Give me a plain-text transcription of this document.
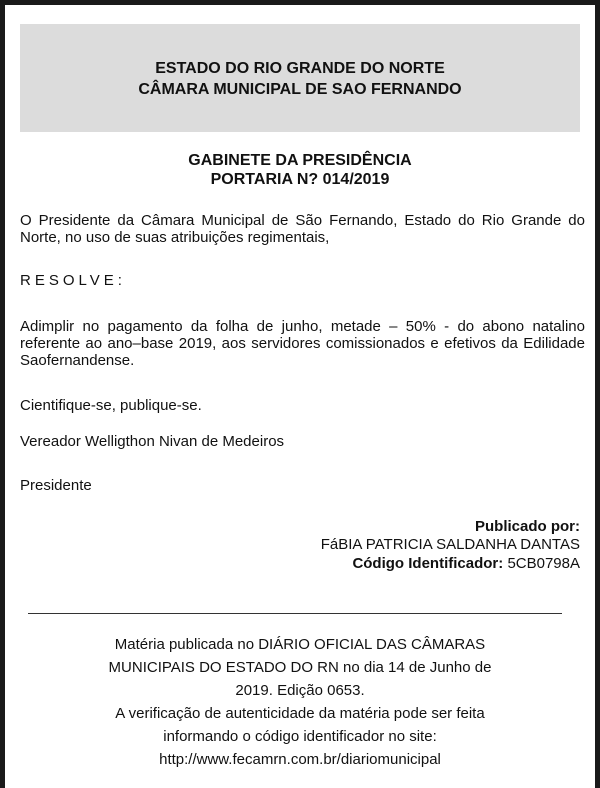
ESTADO DO RIO GRANDE DO NORTE
CÂMARA MUNICIPAL DE SAO FERNANDO
GABINETE DA PRESIDÊNCIA
PORTARIA N? 014/2019
O Presidente da Câmara Municipal de São Fernando, Estado do Rio Grande do Norte, no uso de suas atribuições regimentais,
RESOLVE:
Adimplir no pagamento da folha de junho, metade – 50% - do abono natalino referente ao ano–base 2019, aos servidores comissionados e efetivos da Edilidade Saofernandense.
Cientifique-se, publique-se.
Vereador Welligthon Nivan de Medeiros
Presidente
Publicado por:
FáBIA PATRICIA SALDANHA DANTAS
Código Identificador: 5CB0798A
Matéria publicada no DIÁRIO OFICIAL DAS CÂMARAS
MUNICIPAIS DO ESTADO DO RN no dia 14 de Junho de
2019. Edição 0653.
A verificação de autenticidade da matéria pode ser feita
informando o código identificador no site:
http://www.fecamrn.com.br/diariomunicipal
